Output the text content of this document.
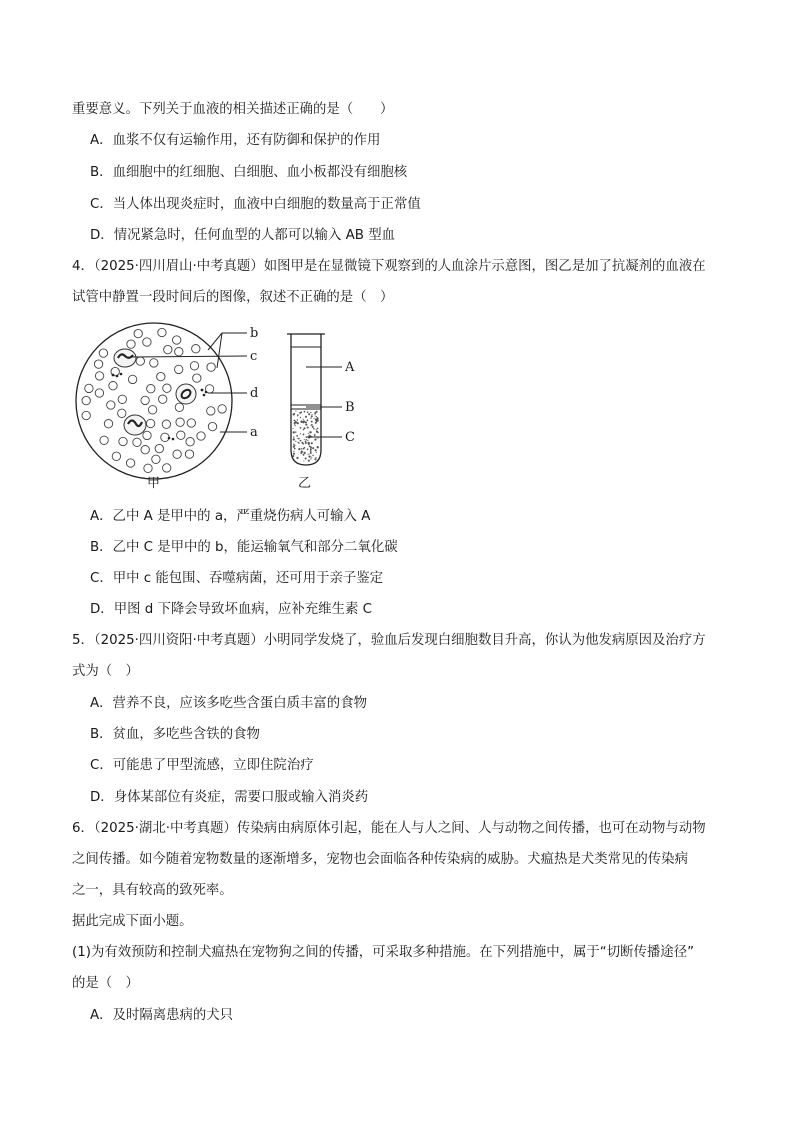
重要意义。下列关于血液的相关描述正确的是（　　）
A．血浆不仅有运输作用，还有防御和保护的作用
B．血细胞中的红细胞、白细胞、血小板都没有细胞核
C．当人体出现炎症时，血液中白细胞的数量高于正常值
D．情况紧急时，任何血型的人都可以输入 AB 型血
4．（2025·四川眉山·中考真题）如图甲是在显微镜下观察到的人血涂片示意图，图乙是加了抗凝剂的血液在
试管中静置一段时间后的图像，叙述不正确的是（　）
b
c
d
a
A
B
C
甲	乙
A．乙中 A 是甲中的 a，严重烧伤病人可输入 A
B．乙中 C 是甲中的 b，能运输氧气和部分二氧化碳
C．甲中 c 能包围、吞噬病菌，还可用于亲子鉴定
D．甲图 d 下降会导致坏血病，应补充维生素 C
5．（2025·四川资阳·中考真题）小明同学发烧了，验血后发现白细胞数目升高，你认为他发病原因及治疗方
式为（　）
A．营养不良，应该多吃些含蛋白质丰富的食物
B．贫血，多吃些含铁的食物
C．可能患了甲型流感，立即住院治疗
D．身体某部位有炎症，需要口服或输入消炎药
6．（2025·湖北·中考真题）传染病由病原体引起，能在人与人之间、人与动物之间传播，也可在动物与动物
之间传播。如今随着宠物数量的逐渐增多，宠物也会面临各种传染病的威胁。犬瘟热是犬类常见的传染病
之一，具有较高的致死率。
据此完成下面小题。
(1)为有效预防和控制犬瘟热在宠物狗之间的传播，可采取多种措施。在下列措施中，属于“切断传播途径”
的是（　）
A．及时隔离患病的犬只
